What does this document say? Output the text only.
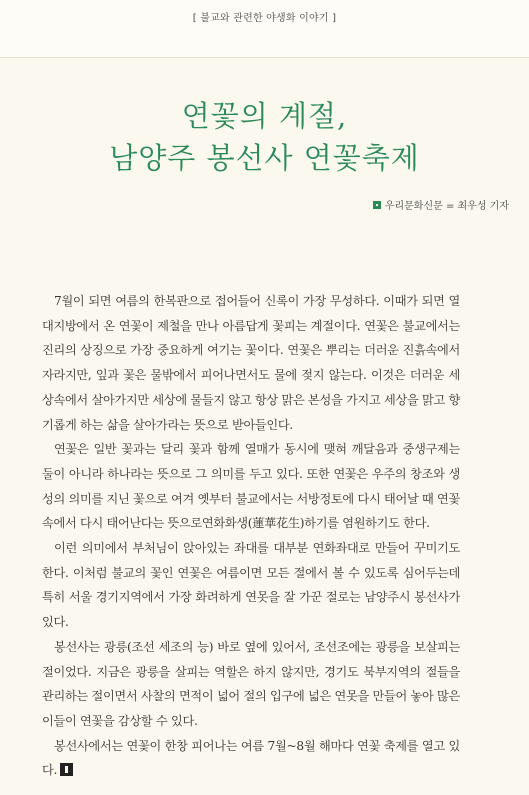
[ 불교와 관련한 야생화 이야기 ]
연꽃의 계절,
남양주 봉선사 연꽃축제
우리문화신문 = 최우성 기자

7월이 되면 여름의 한복판으로 접어들어 신록이 가장 무성하다. 이때가 되면 열대지방에서 온 연꽃이 제철을 만나 아름답게 꽃피는 계절이다. 연꽃은 불교에서는 진리의 상징으로 가장 중요하게 여기는 꽃이다. 연꽃은 뿌리는 더러운 진흙속에서 자라지만, 잎과 꽃은 물밖에서 피어나면서도 물에 젖지 않는다. 이것은 더러운 세상속에서 살아가지만 세상에 물들지 않고 항상 맑은 본성을 가지고 세상을 맑고 향기롭게 하는 삶을 살아가라는 뜻으로 받아들인다.

연꽃은 일반 꽃과는 달리 꽃과 함께 열매가 동시에 맺혀 깨달음과 중생구제는 둘이 아니라 하나라는 뜻으로 그 의미를 두고 있다. 또한 연꽃은 우주의 창조와 생성의 의미를 지닌 꽃으로 여겨 옛부터 불교에서는 서방정토에 다시 태어날 때 연꽃 속에서 다시 태어난다는 뜻으로연화화생(蓮華花生)하기를 염원하기도 한다.

이런 의미에서 부처님이 앉아있는 좌대를 대부분 연화좌대로 만들어 꾸미기도 한다. 이처럼 불교의 꽃인 연꽃은 여름이면 모든 절에서 볼 수 있도록 심어두는데 특히 서울 경기지역에서 가장 화려하게 연못을 잘 가꾼 절로는 남양주시 봉선사가 있다.

봉선사는 광릉(조선 세조의 능) 바로 옆에 있어서, 조선조에는 광릉을 보살피는 절이었다. 지금은 광릉을 살피는 역할은 하지 않지만, 경기도 북부지역의 절들을 관리하는 절이면서 사찰의 면적이 넓어 절의 입구에 넓은 연못을 만들어 놓아 많은 이들이 연꽃을 감상할 수 있다.

봉선사에서는 연꽃이 한창 피어나는 여름 7월~8월 해마다 연꽃 축제를 열고 있다.
